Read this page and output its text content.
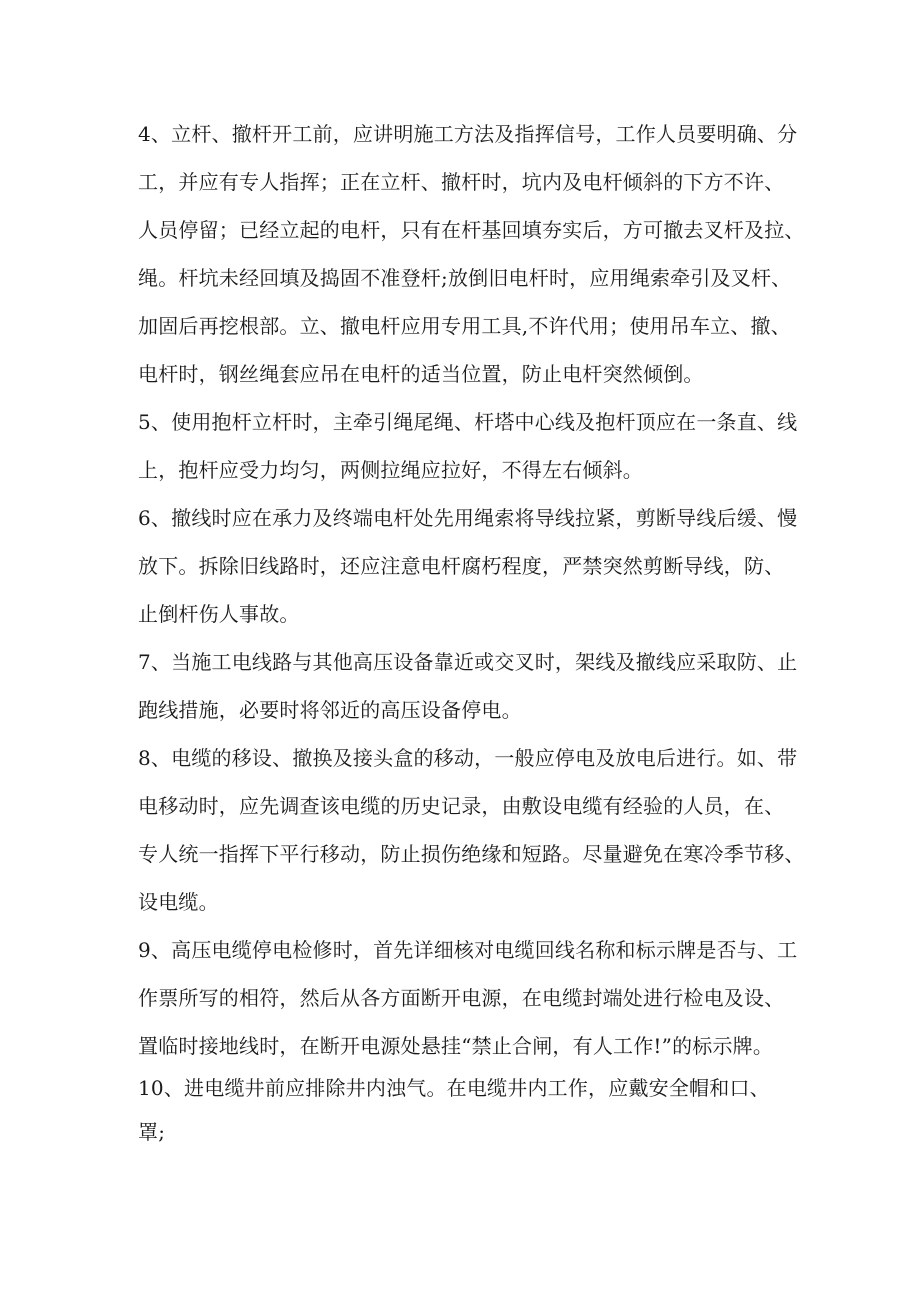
4、立杆、撤杆开工前，应讲明施工方法及指挥信号，工作人员要明确、分
工，并应有专人指挥；正在立杆、撤杆时，坑内及电杆倾斜的下方不许、
人员停留；已经立起的电杆，只有在杆基回填夯实后，方可撤去叉杆及拉、
绳。杆坑未经回填及捣固不准登杆;放倒旧电杆时，应用绳索牵引及叉杆、
加固后再挖根部。立、撤电杆应用专用工具,不许代用；使用吊车立、撤、
电杆时，钢丝绳套应吊在电杆的适当位置，防止电杆突然倾倒。
5、使用抱杆立杆时，主牵引绳尾绳、杆塔中心线及抱杆顶应在一条直、线
上，抱杆应受力均匀，两侧拉绳应拉好，不得左右倾斜。
6、撤线时应在承力及终端电杆处先用绳索将导线拉紧，剪断导线后缓、慢
放下。拆除旧线路时，还应注意电杆腐朽程度，严禁突然剪断导线，防、
止倒杆伤人事故。
7、当施工电线路与其他高压设备靠近或交叉时，架线及撤线应采取防、止
跑线措施，必要时将邻近的高压设备停电。
8、电缆的移设、撤换及接头盒的移动，一般应停电及放电后进行。如、带
电移动时，应先调查该电缆的历史记录，由敷设电缆有经验的人员，在、
专人统一指挥下平行移动，防止损伤绝缘和短路。尽量避免在寒冷季节移、
设电缆。
9、高压电缆停电检修时，首先详细核对电缆回线名称和标示牌是否与、工
作票所写的相符，然后从各方面断开电源，在电缆封端处进行检电及设、
置临时接地线时，在断开电源处悬挂“禁止合闸，有人工作!”的标示牌。
10、进电缆井前应排除井内浊气。在电缆井内工作，应戴安全帽和口、
罩;
